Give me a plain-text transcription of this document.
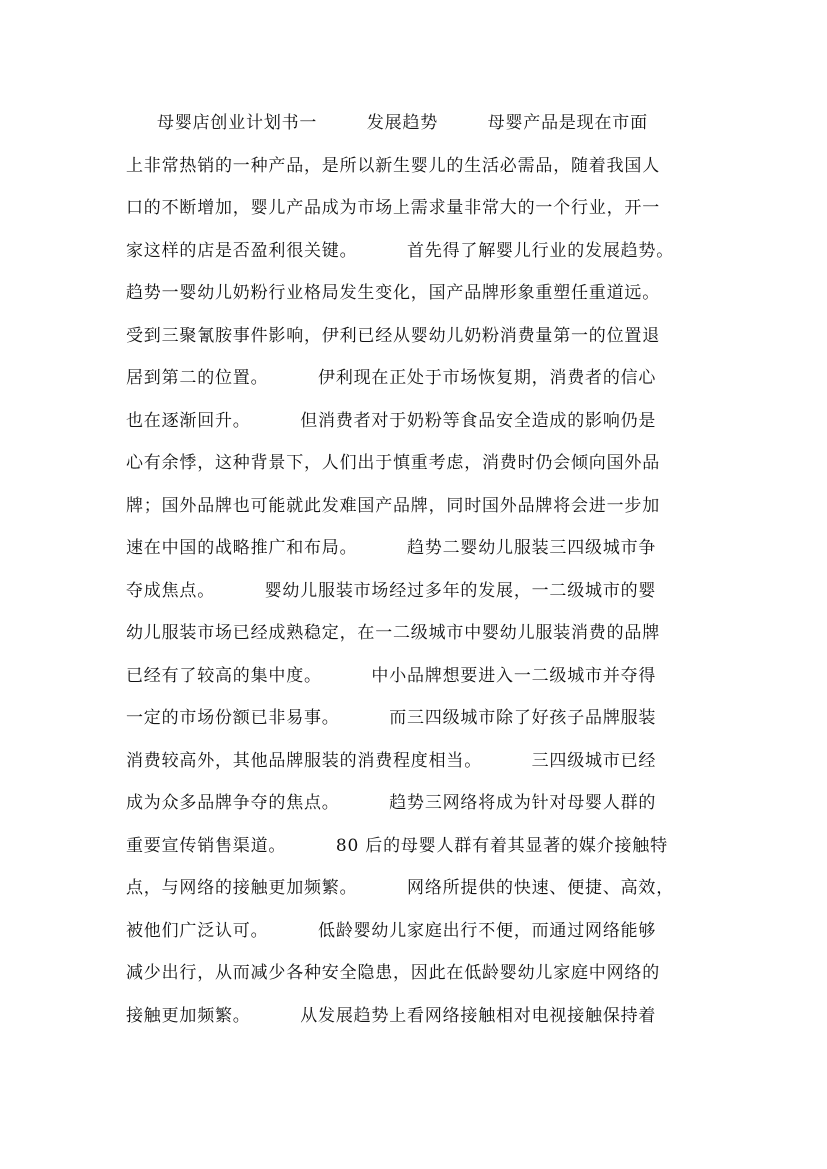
母婴店创业计划书一        发展趋势        母婴产品是现在市面
上非常热销的一种产品，是所以新生婴儿的生活必需品，随着我国人
口的不断增加，婴儿产品成为市场上需求量非常大的一个行业，开一
家这样的店是否盈利很关键。        首先得了解婴儿行业的发展趋势。
趋势一婴幼儿奶粉行业格局发生变化，国产品牌形象重塑任重道远。
受到三聚氰胺事件影响，伊利已经从婴幼儿奶粉消费量第一的位置退
居到第二的位置。        伊利现在正处于市场恢复期，消费者的信心
也在逐渐回升。        但消费者对于奶粉等食品安全造成的影响仍是
心有余悸，这种背景下，人们出于慎重考虑，消费时仍会倾向国外品
牌；国外品牌也可能就此发难国产品牌，同时国外品牌将会进一步加
速在中国的战略推广和布局。        趋势二婴幼儿服装三四级城市争
夺成焦点。        婴幼儿服装市场经过多年的发展，一二级城市的婴
幼儿服装市场已经成熟稳定，在一二级城市中婴幼儿服装消费的品牌
已经有了较高的集中度。        中小品牌想要进入一二级城市并夺得
一定的市场份额已非易事。        而三四级城市除了好孩子品牌服装
消费较高外，其他品牌服装的消费程度相当。        三四级城市已经
成为众多品牌争夺的焦点。        趋势三网络将成为针对母婴人群的
重要宣传销售渠道。        80 后的母婴人群有着其显著的媒介接触特
点，与网络的接触更加频繁。        网络所提供的快速、便捷、高效，
被他们广泛认可。        低龄婴幼儿家庭出行不便，而通过网络能够
减少出行，从而减少各种安全隐患，因此在低龄婴幼儿家庭中网络的
接触更加频繁。        从发展趋势上看网络接触相对电视接触保持着
